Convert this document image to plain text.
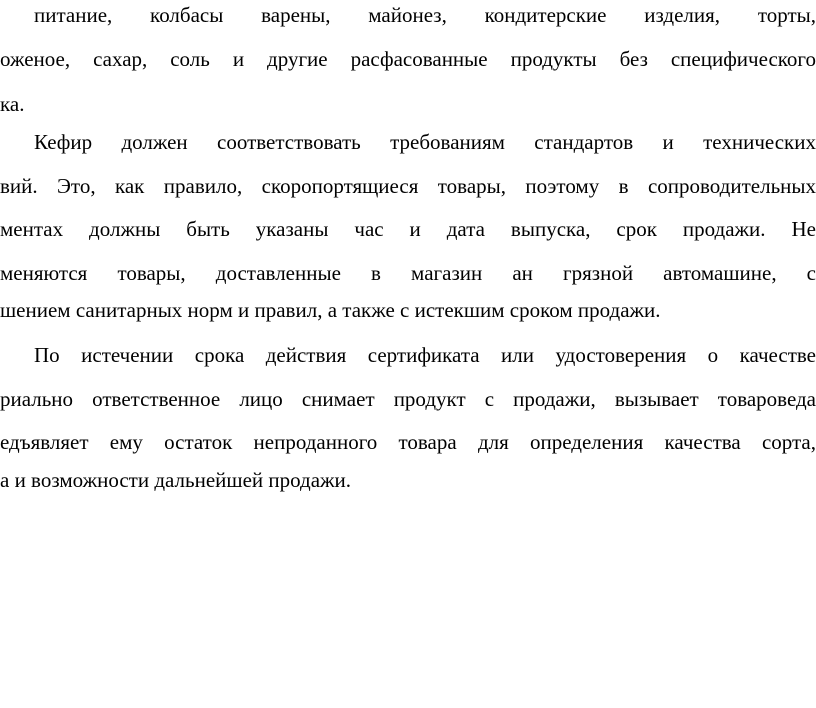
питание, колбасы варены, майонез, кондитерские изделия, торты,
оженое, сахар, соль и другие расфасованные продукты без специфического
ка.
Кефир должен соответствовать требованиям стандартов и технических
вий. Это, как правило, скоропортящиеся товары, поэтому в сопроводительных
ментах должны быть указаны час и дата выпуска, срок продажи. Не
меняются товары, доставленные в магазин ан грязной автомашине, с
шением санитарных норм и правил, а также с истекшим сроком продажи.
По истечении срока действия сертификата или удостоверения о качестве
риально ответственное лицо снимает продукт с продажи, вызывает товароведа
едъявляет ему остаток непроданного товара для определения качества сорта,
а и возможности дальнейшей продажи.
